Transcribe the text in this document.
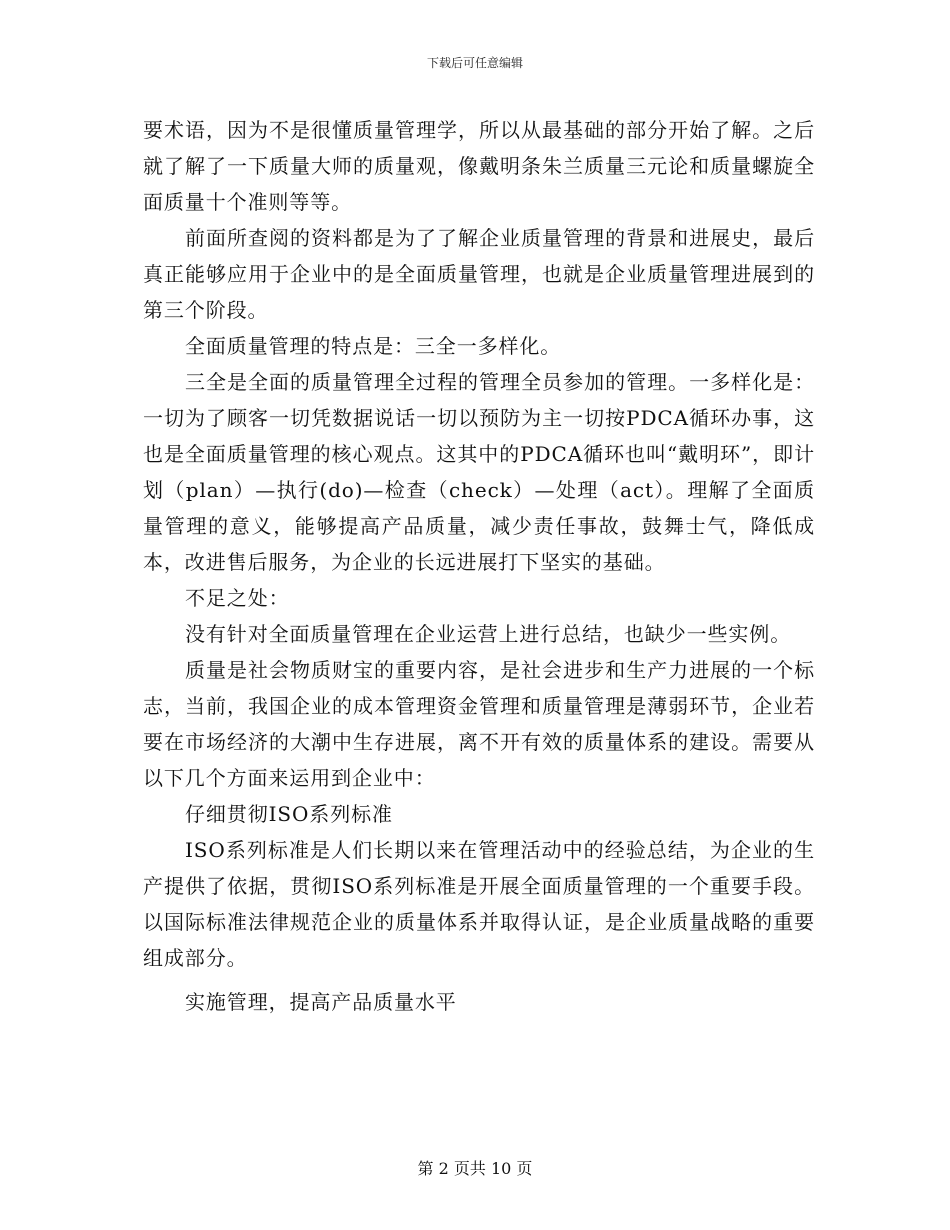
下载后可任意编辑

要术语，因为不是很懂质量管理学，所以从最基础的部分开始了解。之后就了解了一下质量大师的质量观，像戴明条朱兰质量三元论和质量螺旋全面质量十个准则等等。

前面所查阅的资料都是为了了解企业质量管理的背景和进展史，最后真正能够应用于企业中的是全面质量管理，也就是企业质量管理进展到的第三个阶段。

全面质量管理的特点是：三全一多样化。

三全是全面的质量管理全过程的管理全员参加的管理。一多样化是：一切为了顾客一切凭数据说话一切以预防为主一切按PDCA循环办事，这也是全面质量管理的核心观点。这其中的PDCA循环也叫“戴明环”，即计划（plan）—执行(do)—检查（check）—处理（act）。理解了全面质量管理的意义，能够提高产品质量，减少责任事故，鼓舞士气，降低成本，改进售后服务，为企业的长远进展打下坚实的基础。

不足之处：

没有针对全面质量管理在企业运营上进行总结，也缺少一些实例。

质量是社会物质财宝的重要内容，是社会进步和生产力进展的一个标志，当前，我国企业的成本管理资金管理和质量管理是薄弱环节，企业若要在市场经济的大潮中生存进展，离不开有效的质量体系的建设。需要从以下几个方面来运用到企业中：

仔细贯彻ISO系列标准

ISO系列标准是人们长期以来在管理活动中的经验总结，为企业的生产提供了依据，贯彻ISO系列标准是开展全面质量管理的一个重要手段。以国际标准法律规范企业的质量体系并取得认证，是企业质量战略的重要组成部分。

实施管理，提高产品质量水平

第 2 页共 10 页
